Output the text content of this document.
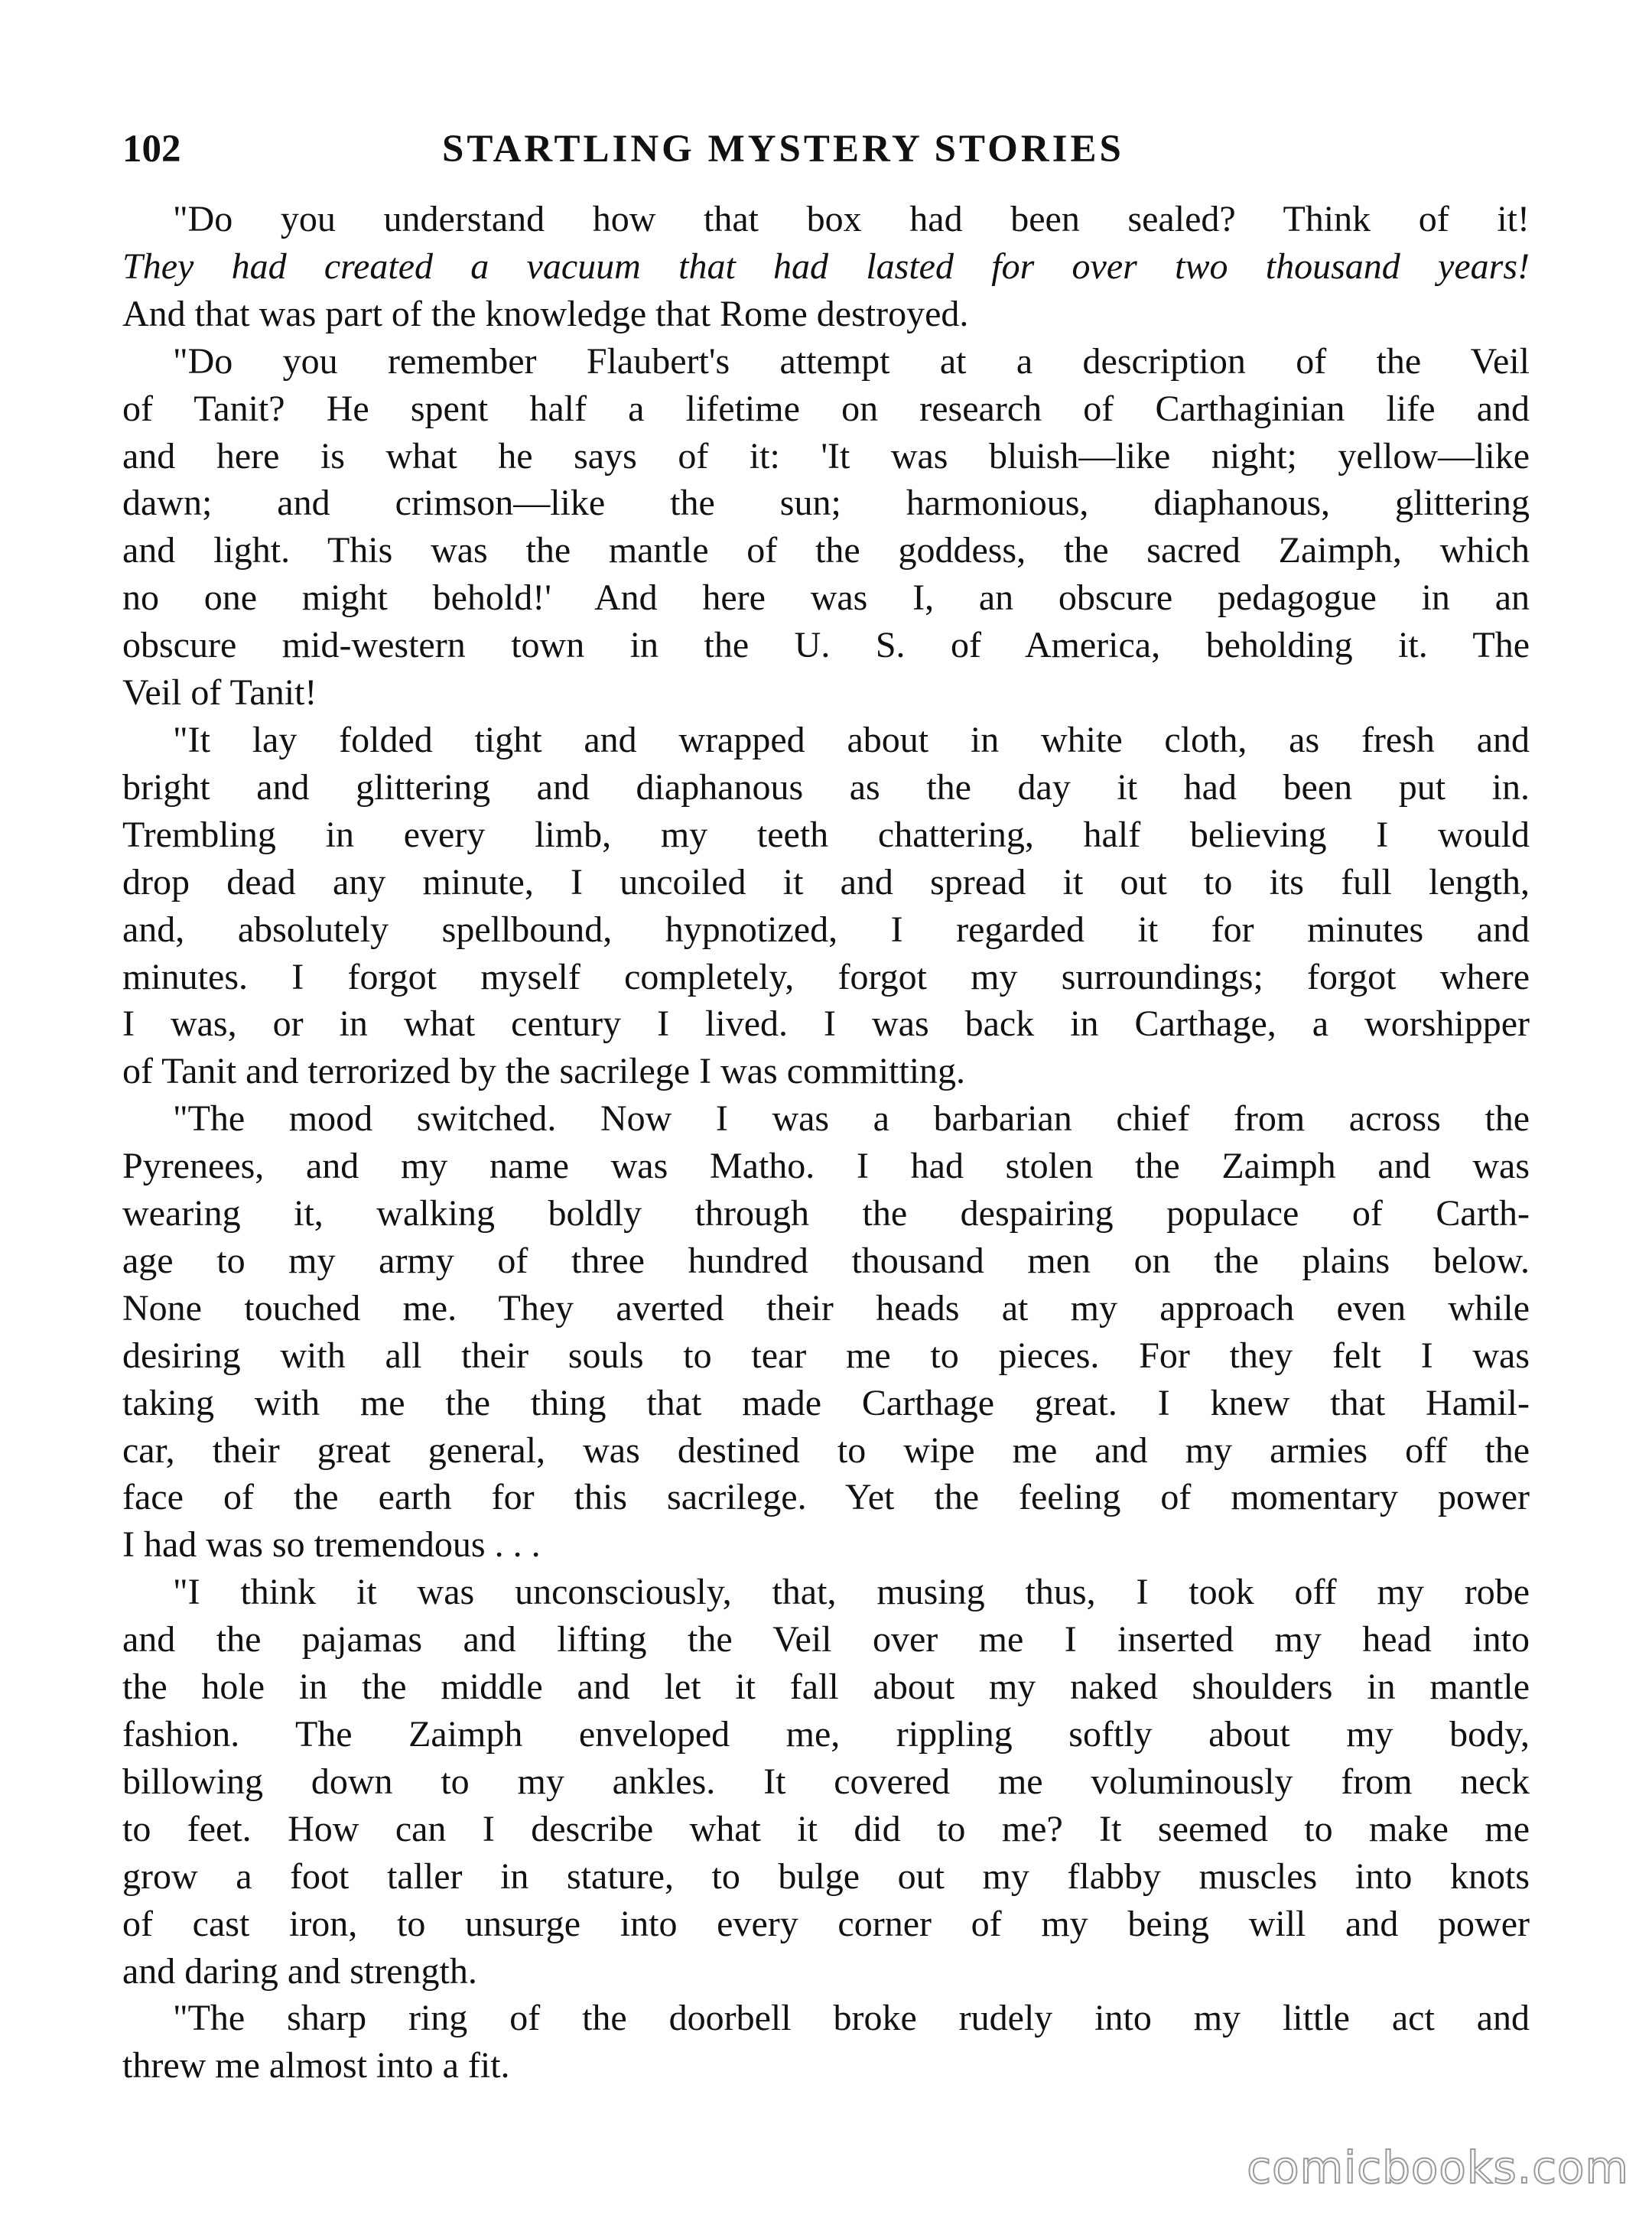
102	STARTLING MYSTERY STORIES
"Do you understand how that box had been sealed? Think of it!
They had created a vacuum that had lasted for over two thousand years!
And that was part of the knowledge that Rome destroyed.
"Do you remember Flaubert's attempt at a description of the Veil
of Tanit? He spent half a lifetime on research of Carthaginian life and
and here is what he says of it: 'It was bluish—like night; yellow—like
dawn; and crimson—like the sun; harmonious, diaphanous, glittering
and light. This was the mantle of the goddess, the sacred Zaimph, which
no one might behold!' And here was I, an obscure pedagogue in an
obscure mid-western town in the U. S. of America, beholding it. The
Veil of Tanit!
"It lay folded tight and wrapped about in white cloth, as fresh and
bright and glittering and diaphanous as the day it had been put in.
Trembling in every limb, my teeth chattering, half believing I would
drop dead any minute, I uncoiled it and spread it out to its full length,
and, absolutely spellbound, hypnotized, I regarded it for minutes and
minutes. I forgot myself completely, forgot my surroundings; forgot where
I was, or in what century I lived. I was back in Carthage, a worshipper
of Tanit and terrorized by the sacrilege I was committing.
"The mood switched. Now I was a barbarian chief from across the
Pyrenees, and my name was Matho. I had stolen the Zaimph and was
wearing it, walking boldly through the despairing populace of Carth-
age to my army of three hundred thousand men on the plains below.
None touched me. They averted their heads at my approach even while
desiring with all their souls to tear me to pieces. For they felt I was
taking with me the thing that made Carthage great. I knew that Hamil-
car, their great general, was destined to wipe me and my armies off the
face of the earth for this sacrilege. Yet the feeling of momentary power
I had was so tremendous . . .
"I think it was unconsciously, that, musing thus, I took off my robe
and the pajamas and lifting the Veil over me I inserted my head into
the hole in the middle and let it fall about my naked shoulders in mantle
fashion. The Zaimph enveloped me, rippling softly about my body,
billowing down to my ankles. It covered me voluminously from neck
to feet. How can I describe what it did to me? It seemed to make me
grow a foot taller in stature, to bulge out my flabby muscles into knots
of cast iron, to unsurge into every corner of my being will and power
and daring and strength.
"The sharp ring of the doorbell broke rudely into my little act and
threw me almost into a fit.
comicbooks.com
